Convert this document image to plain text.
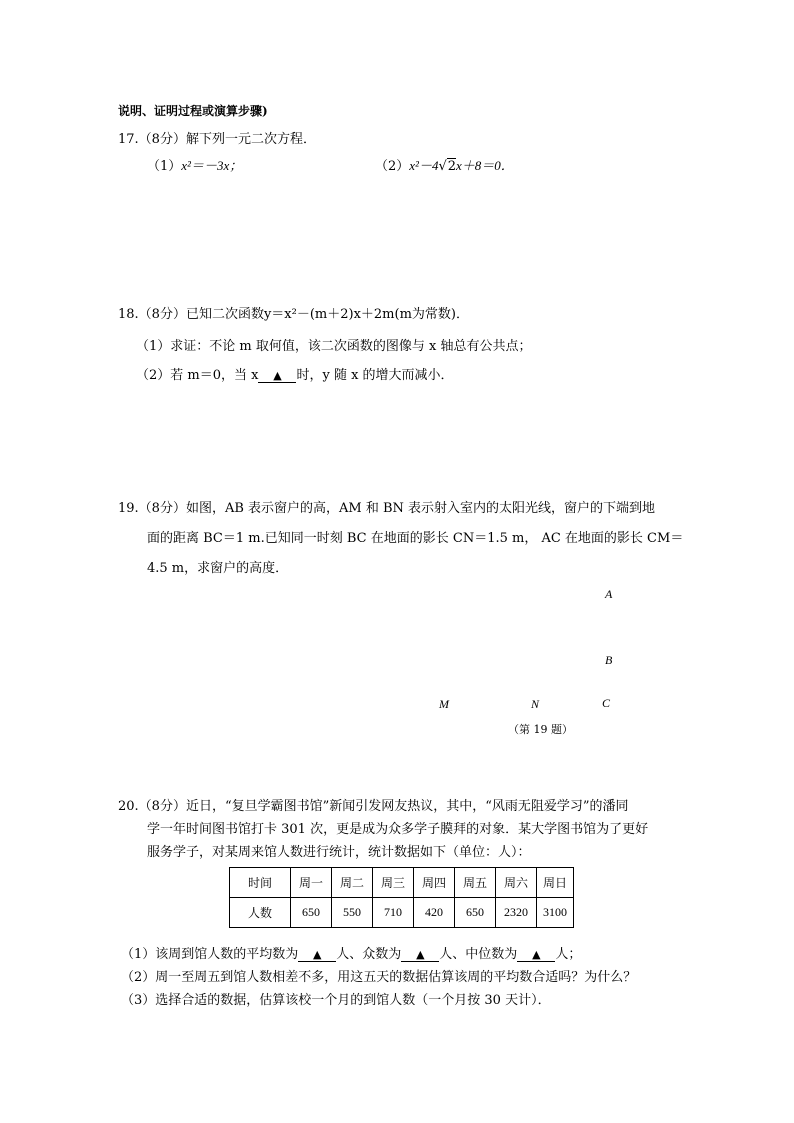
说明、证明过程或演算步骤)
17.（8分）解下列一元二次方程．
（1）x²＝－3x；	（2）x²－4√2x＋8＝0．
18.（8分）已知二次函数y＝x²－(m＋2)x＋2m(m为常数)．
（1）求证：不论 m 取何值，该二次函数的图像与 x 轴总有公共点；
（2）若 m＝0，当 x ▲ 时，y 随 x 的增大而减小．
19.（8分）如图，AB 表示窗户的高，AM 和 BN 表示射入室内的太阳光线，窗户的下端到地
面的距离 BC＝1 m.已知同一时刻 BC 在地面的影长 CN＝1.5 m， AC 在地面的影长 CM＝
4.5 m，求窗户的高度．
A
B
C
M	N
（第 19 题）
20.（8分）近日，“复旦学霸图书馆”新闻引发网友热议，其中，“风雨无阻爱学习”的潘同
学一年时间图书馆打卡 301 次，更是成为众多学子膜拜的对象．某大学图书馆为了更好
服务学子，对某周来馆人数进行统计，统计数据如下（单位：人）：
时间	周一	周二	周三	周四	周五	周六	周日
人数	650	550	710	420	650	2320	3100
（1）该周到馆人数的平均数为 ▲ 人、众数为 ▲ 人、中位数为 ▲ 人；
（2）周一至周五到馆人数相差不多，用这五天的数据估算该周的平均数合适吗？为什么？
（3）选择合适的数据，估算该校一个月的到馆人数（一个月按 30 天计）．
